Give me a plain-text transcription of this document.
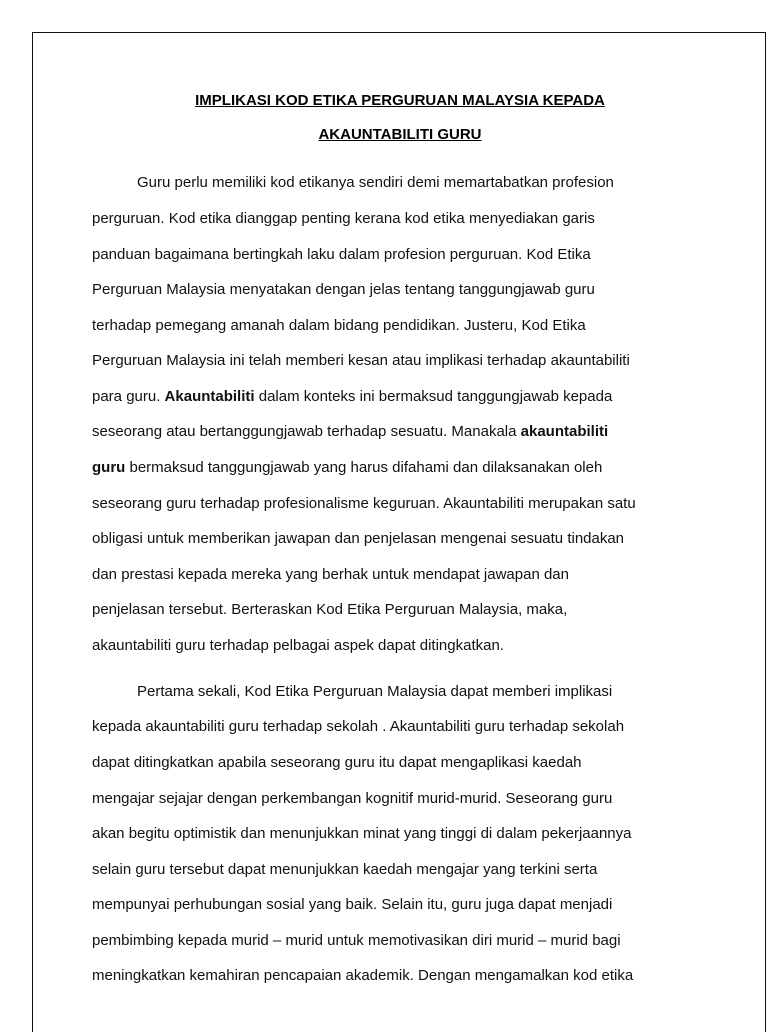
IMPLIKASI KOD ETIKA PERGURUAN MALAYSIA KEPADA
AKAUNTABILITI GURU
Guru perlu memiliki kod etikanya sendiri demi memartabatkan profesion
perguruan. Kod etika dianggap penting kerana kod etika menyediakan garis
panduan bagaimana bertingkah laku dalam profesion perguruan. Kod Etika
Perguruan Malaysia menyatakan dengan jelas tentang tanggungjawab guru
terhadap pemegang amanah dalam bidang pendidikan. Justeru, Kod Etika
Perguruan Malaysia ini telah memberi kesan atau implikasi terhadap akauntabiliti
para guru. Akauntabiliti dalam konteks ini bermaksud tanggungjawab kepada
seseorang atau bertanggungjawab terhadap sesuatu. Manakala akauntabiliti
guru bermaksud tanggungjawab yang harus difahami dan dilaksanakan oleh
seseorang guru terhadap profesionalisme keguruan. Akauntabiliti merupakan satu
obligasi untuk memberikan jawapan dan penjelasan mengenai sesuatu tindakan
dan prestasi kepada mereka yang berhak untuk mendapat jawapan dan
penjelasan tersebut. Berteraskan Kod Etika Perguruan Malaysia, maka,
akauntabiliti guru terhadap pelbagai aspek dapat ditingkatkan.
Pertama sekali, Kod Etika Perguruan Malaysia dapat memberi implikasi
kepada akauntabiliti guru terhadap sekolah . Akauntabiliti guru terhadap sekolah
dapat ditingkatkan apabila seseorang guru itu dapat mengaplikasi kaedah
mengajar sejajar dengan perkembangan kognitif murid-murid. Seseorang guru
akan begitu optimistik dan menunjukkan minat yang tinggi di dalam pekerjaannya
selain guru tersebut dapat menunjukkan kaedah mengajar yang terkini serta
mempunyai perhubungan sosial yang baik. Selain itu, guru juga dapat menjadi
pembimbing kepada murid – murid untuk memotivasikan diri murid – murid bagi
meningkatkan kemahiran pencapaian akademik. Dengan mengamalkan kod etika
